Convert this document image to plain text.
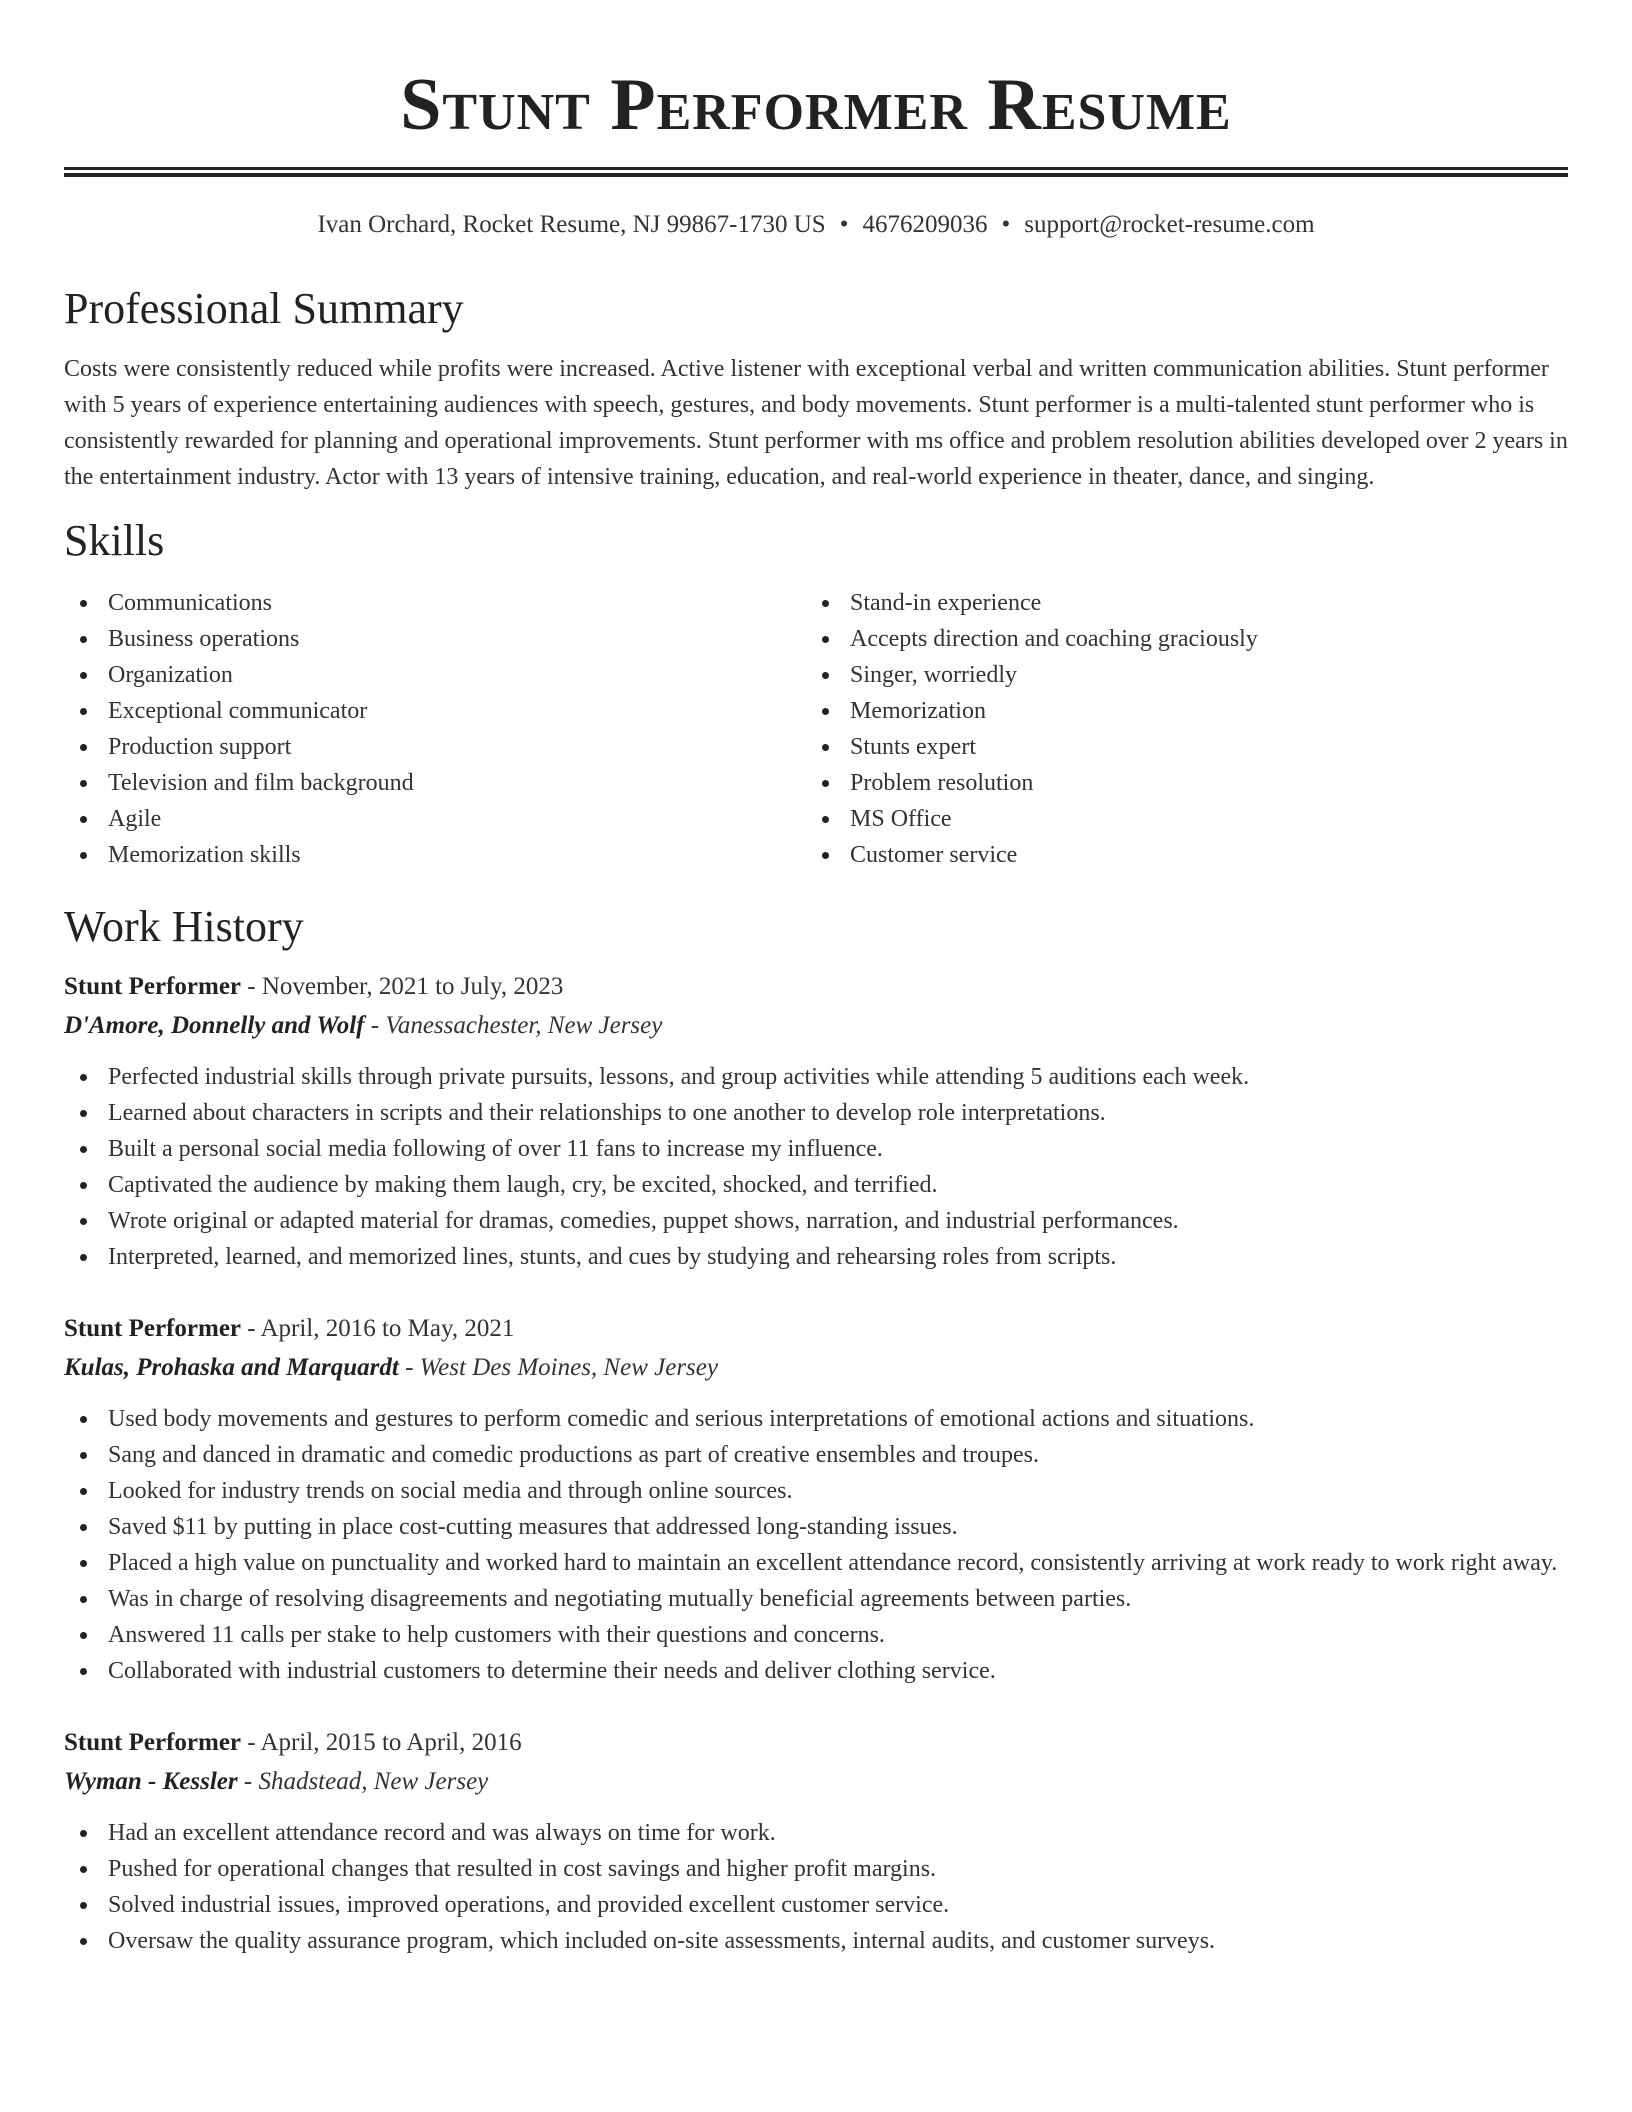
Stunt Performer Resume
Ivan Orchard, Rocket Resume, NJ 99867-1730 US • 4676209036 • support@rocket-resume.com
Professional Summary

Costs were consistently reduced while profits were increased. Active listener with exceptional verbal and written communication abilities. Stunt performer with 5 years of experience entertaining audiences with speech, gestures, and body movements. Stunt performer is a multi-talented stunt performer who is consistently rewarded for planning and operational improvements. Stunt performer with ms office and problem resolution abilities developed over 2 years in the entertainment industry. Actor with 13 years of intensive training, education, and real-world experience in theater, dance, and singing.

Skills
Communications
Business operations
Organization
Exceptional communicator
Production support
Television and film background
Agile
Memorization skills
Stand-in experience
Accepts direction and coaching graciously
Singer, worriedly
Memorization
Stunts expert
Problem resolution
MS Office
Customer service
Work History
Stunt Performer - November, 2021 to July, 2023
D'Amore, Donnelly and Wolf - Vanessachester, New Jersey
Perfected industrial skills through private pursuits, lessons, and group activities while attending 5 auditions each week.
Learned about characters in scripts and their relationships to one another to develop role interpretations.
Built a personal social media following of over 11 fans to increase my influence.
Captivated the audience by making them laugh, cry, be excited, shocked, and terrified.
Wrote original or adapted material for dramas, comedies, puppet shows, narration, and industrial performances.
Interpreted, learned, and memorized lines, stunts, and cues by studying and rehearsing roles from scripts.
Stunt Performer - April, 2016 to May, 2021
Kulas, Prohaska and Marquardt - West Des Moines, New Jersey
Used body movements and gestures to perform comedic and serious interpretations of emotional actions and situations.
Sang and danced in dramatic and comedic productions as part of creative ensembles and troupes.
Looked for industry trends on social media and through online sources.
Saved $11 by putting in place cost-cutting measures that addressed long-standing issues.
Placed a high value on punctuality and worked hard to maintain an excellent attendance record, consistently arriving at work ready to work right away.
Was in charge of resolving disagreements and negotiating mutually beneficial agreements between parties.
Answered 11 calls per stake to help customers with their questions and concerns.
Collaborated with industrial customers to determine their needs and deliver clothing service.
Stunt Performer - April, 2015 to April, 2016
Wyman - Kessler - Shadstead, New Jersey
Had an excellent attendance record and was always on time for work.
Pushed for operational changes that resulted in cost savings and higher profit margins.
Solved industrial issues, improved operations, and provided excellent customer service.
Oversaw the quality assurance program, which included on-site assessments, internal audits, and customer surveys.
